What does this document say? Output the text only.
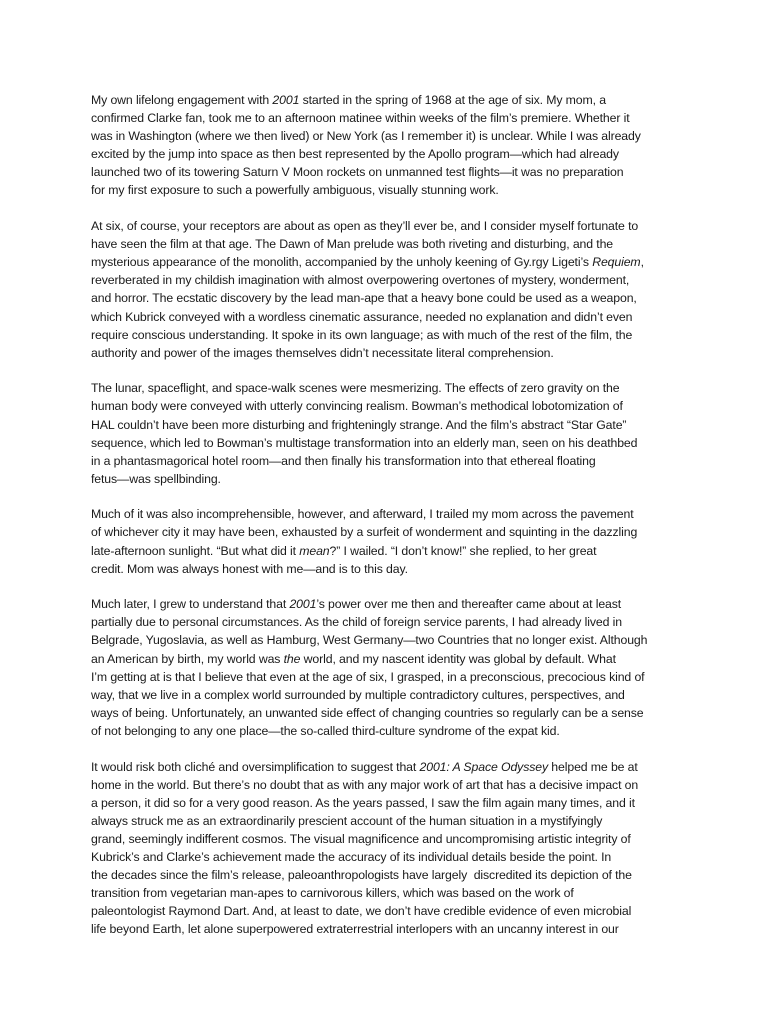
My own lifelong engagement with 2001 started in the spring of 1968 at the age of six. My mom, a
confirmed Clarke fan, took me to an afternoon matinee within weeks of the film’s premiere. Whether it
was in Washington (where we then lived) or New York (as I remember it) is unclear. While I was already
excited by the jump into space as then best represented by the Apollo program—which had already
launched two of its towering Saturn V Moon rockets on unmanned test flights—it was no preparation
for my first exposure to such a powerfully ambiguous, visually stunning work.
At six, of course, your receptors are about as open as they’ll ever be, and I consider myself fortunate to
have seen the film at that age. The Dawn of Man prelude was both riveting and disturbing, and the
mysterious appearance of the monolith, accompanied by the unholy keening of Gy.rgy Ligeti’s Requiem,
reverberated in my childish imagination with almost overpowering overtones of mystery, wonderment,
and horror. The ecstatic discovery by the lead man-ape that a heavy bone could be used as a weapon,
which Kubrick conveyed with a wordless cinematic assurance, needed no explanation and didn’t even
require conscious understanding. It spoke in its own language; as with much of the rest of the film, the
authority and power of the images themselves didn’t necessitate literal comprehension.
The lunar, spaceflight, and space-walk scenes were mesmerizing. The effects of zero gravity on the
human body were conveyed with utterly convincing realism. Bowman’s methodical lobotomization of
HAL couldn’t have been more disturbing and frighteningly strange. And the film’s abstract “Star Gate”
sequence, which led to Bowman’s multistage transformation into an elderly man, seen on his deathbed
in a phantasmagorical hotel room—and then finally his transformation into that ethereal floating
fetus—was spellbinding.
Much of it was also incomprehensible, however, and afterward, I trailed my mom across the pavement
of whichever city it may have been, exhausted by a surfeit of wonderment and squinting in the dazzling
late-afternoon sunlight. “But what did it mean?” I wailed. “I don’t know!” she replied, to her great
credit. Mom was always honest with me—and is to this day.
Much later, I grew to understand that 2001’s power over me then and thereafter came about at least
partially due to personal circumstances. As the child of foreign service parents, I had already lived in
Belgrade, Yugoslavia, as well as Hamburg, West Germany—two Countries that no longer exist. Although
an American by birth, my world was the world, and my nascent identity was global by default. What
I’m getting at is that I believe that even at the age of six, I grasped, in a preconscious, precocious kind of
way, that we live in a complex world surrounded by multiple contradictory cultures, perspectives, and
ways of being. Unfortunately, an unwanted side effect of changing countries so regularly can be a sense
of not belonging to any one place—the so-called third-culture syndrome of the expat kid.
It would risk both cliché and oversimplification to suggest that 2001: A Space Odyssey helped me be at
home in the world. But there’s no doubt that as with any major work of art that has a decisive impact on
a person, it did so for a very good reason. As the years passed, I saw the film again many times, and it
always struck me as an extraordinarily prescient account of the human situation in a mystifyingly
grand, seemingly indifferent cosmos. The visual magnificence and uncompromising artistic integrity of
Kubrick’s and Clarke’s achievement made the accuracy of its individual details beside the point. In
the decades since the film’s release, paleoanthropologists have largely  discredited its depiction of the
transition from vegetarian man-apes to carnivorous killers, which was based on the work of
paleontologist Raymond Dart. And, at least to date, we don’t have credible evidence of even microbial
life beyond Earth, let alone superpowered extraterrestrial interlopers with an uncanny interest in our
